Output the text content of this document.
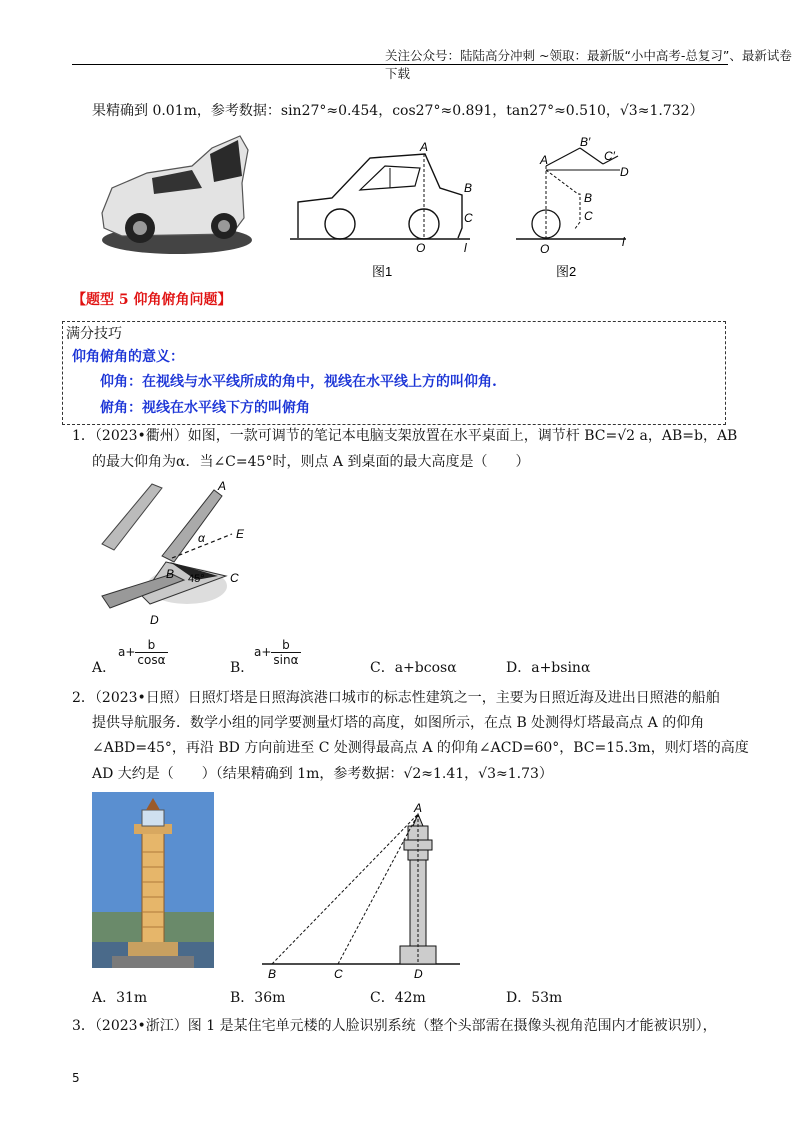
关注公众号：陆陆高分冲刺 ~领取：最新版“小中高考-总复习”、最新试卷下载
果精确到 0.01m，参考数据：sin27°≈0.454，cos27°≈0.891，tan27°≈0.510，√3≈1.732）
A
B
C
O	l
图1
A
B′
C′
D
B
C
O	l
图2
【题型 5 仰角俯角问题】
满分技巧
仰角俯角的意义：
仰角：在视线与水平线所成的角中，视线在水平线上方的叫仰角.
俯角：视线在水平线下方的叫俯角
1．（2023•衢州）如图，一款可调节的笔记本电脑支架放置在水平桌面上，调节杆 BC=√2 a，AB=b，AB
的最大仰角为α．当∠C=45°时，则点 A 到桌面的最大高度是（　　）
A
E
α
B 45° C
D
A．
$a+ \frac{b}{\cos\alpha}$
B．
$a+ \frac{b}{\sin\alpha}$
C．a+bcosα	D．a+bsinα
2．（2023•日照）日照灯塔是日照海滨港口城市的标志性建筑之一，主要为日照近海及进出日照港的船舶
提供导航服务．数学小组的同学要测量灯塔的高度，如图所示，在点 B 处测得灯塔最高点 A 的仰角
∠ABD=45°，再沿 BD 方向前进至 C 处测得最高点 A 的仰角∠ACD=60°，BC=15.3m，则灯塔的高度
AD 大约是（　　）（结果精确到 1m，参考数据：√2≈1.41，√3≈1.73）
A
B	C	D
A．31m	B．36m	C．42m	D．53m
3．（2023•浙江）图 1 是某住宅单元楼的人脸识别系统（整个头部需在摄像头视角范围内才能被识别），
5
